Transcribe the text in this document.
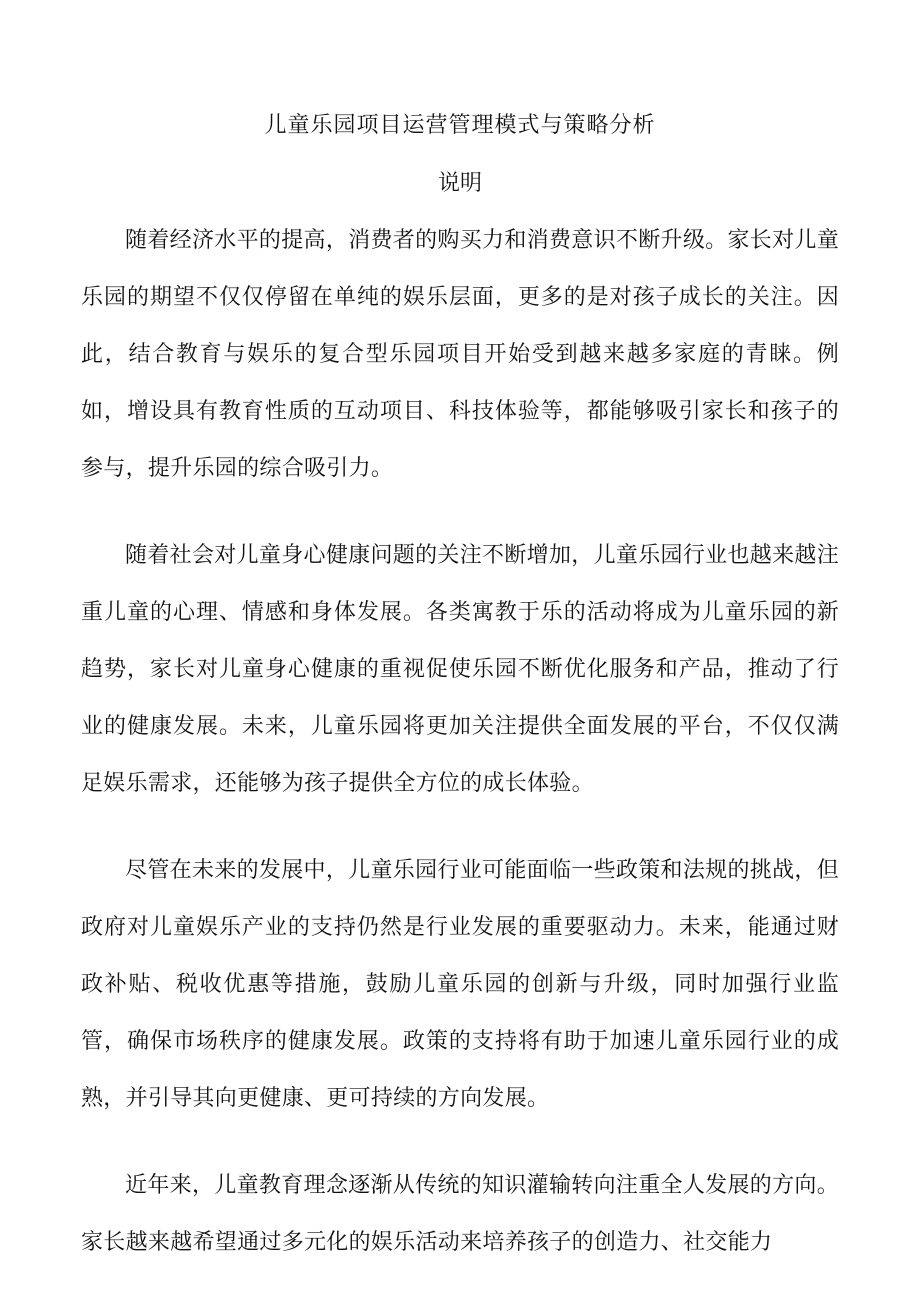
儿童乐园项目运营管理模式与策略分析
说明

随着经济水平的提高，消费者的购买力和消费意识不断升级。家长对儿童乐园的期望不仅仅停留在单纯的娱乐层面，更多的是对孩子成长的关注。因此，结合教育与娱乐的复合型乐园项目开始受到越来越多家庭的青睐。例如，增设具有教育性质的互动项目、科技体验等，都能够吸引家长和孩子的参与，提升乐园的综合吸引力。

随着社会对儿童身心健康问题的关注不断增加，儿童乐园行业也越来越注重儿童的心理、情感和身体发展。各类寓教于乐的活动将成为儿童乐园的新趋势，家长对儿童身心健康的重视促使乐园不断优化服务和产品，推动了行业的健康发展。未来，儿童乐园将更加关注提供全面发展的平台，不仅仅满足娱乐需求，还能够为孩子提供全方位的成长体验。

尽管在未来的发展中，儿童乐园行业可能面临一些政策和法规的挑战，但政府对儿童娱乐产业的支持仍然是行业发展的重要驱动力。未来，能通过财政补贴、税收优惠等措施，鼓励儿童乐园的创新与升级，同时加强行业监管，确保市场秩序的健康发展。政策的支持将有助于加速儿童乐园行业的成熟，并引导其向更健康、更可持续的方向发展。

近年来，儿童教育理念逐渐从传统的知识灌输转向注重全人发展的方向。家长越来越希望通过多元化的娱乐活动来培养孩子的创造力、社交能力
